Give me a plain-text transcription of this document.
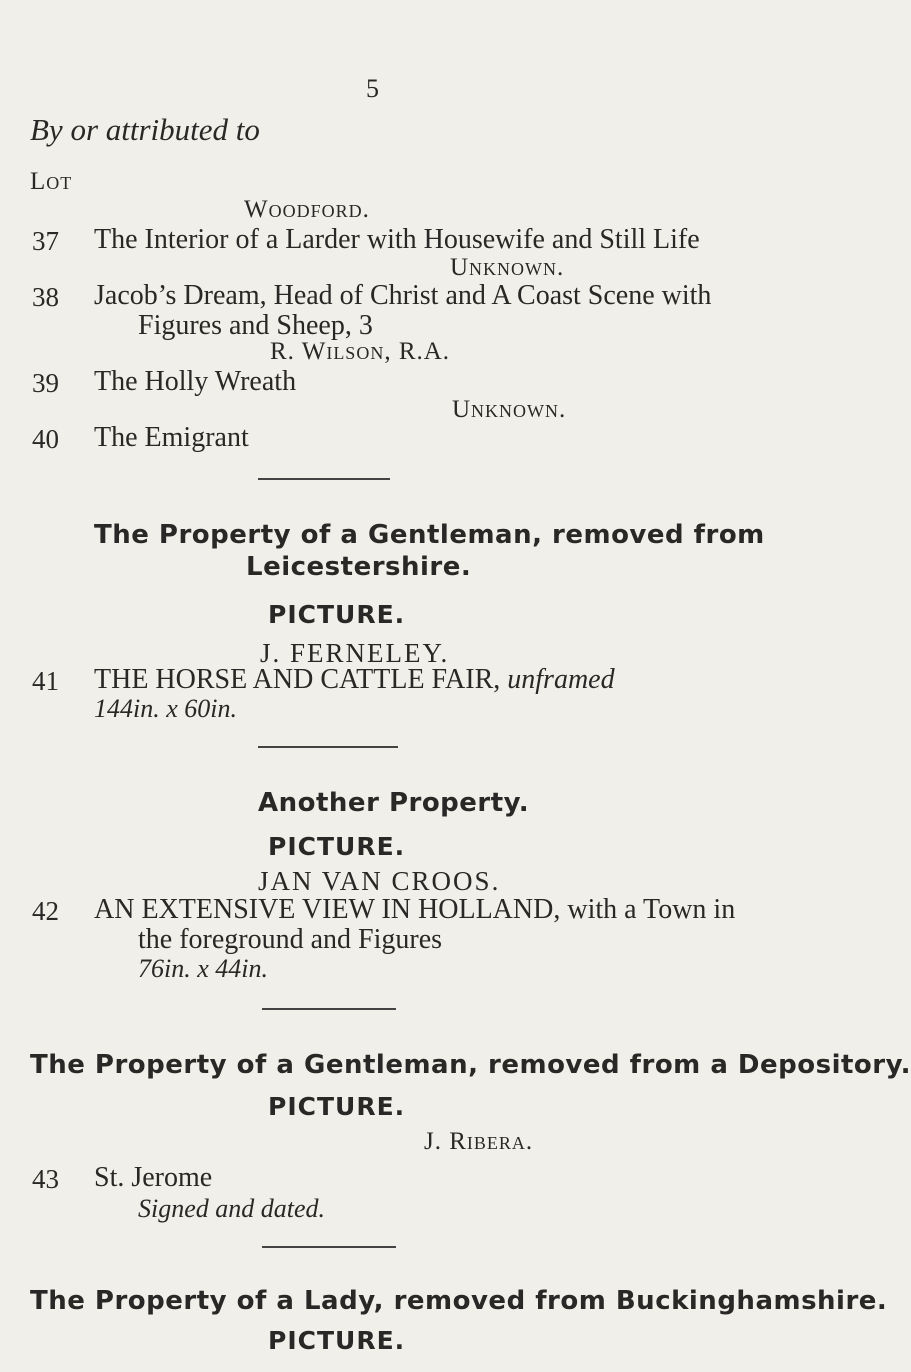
5
By or attributed to
Lot
Woodford.
37 The Interior of a Larder with Housewife and Still Life
Unknown.
38 Jacob’s Dream, Head of Christ and A Coast Scene with
Figures and Sheep, 3
R. Wilson, R.A.
39 The Holly Wreath
Unknown.
40 The Emigrant
The Property of a Gentleman, removed from
Leicestershire.
PICTURE.
J. FERNELEY.
41 THE HORSE AND CATTLE FAIR, unframed
144in. x 60in.
Another Property.
PICTURE.
JAN VAN CROOS.
42 AN EXTENSIVE VIEW IN HOLLAND, with a Town in
the foreground and Figures
76in. x 44in.
The Property of a Gentleman, removed from a Depository.
PICTURE.
J. Ribera.
43 St. Jerome
Signed and dated.
The Property of a Lady, removed from Buckinghamshire.
PICTURE.
